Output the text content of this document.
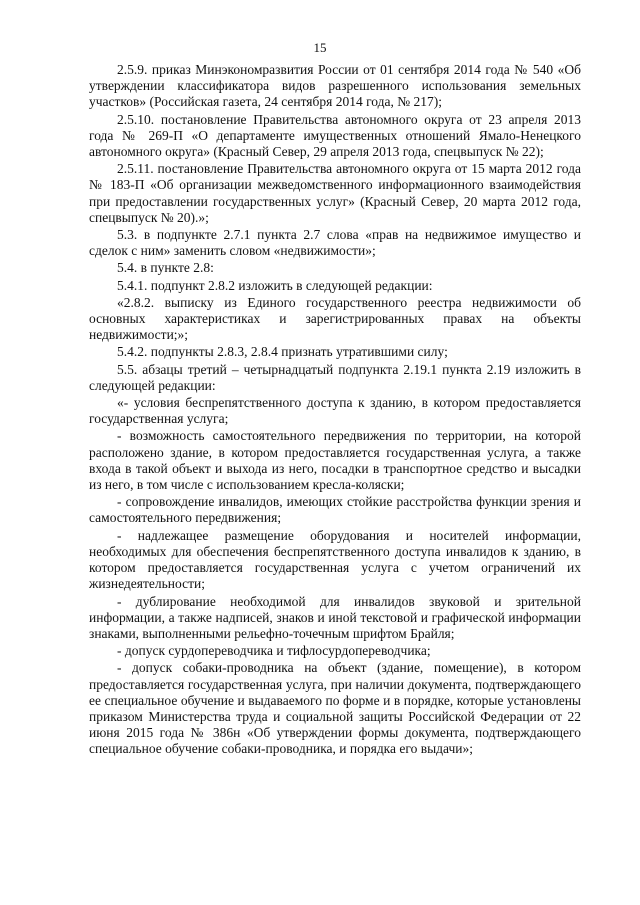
15

2.5.9. приказ Минэкономразвития России от 01 сентября 2014 года № 540 «Об утверждении классификатора видов разрешенного использования земельных участков» (Российская газета, 24 сентября 2014 года, № 217);

2.5.10. постановление Правительства автономного округа от 23 апреля 2013 года № 269-П «О департаменте имущественных отношений Ямало-Ненецкого автономного округа» (Красный Север, 29 апреля 2013 года, спецвыпуск № 22);

2.5.11. постановление Правительства автономного округа от 15 марта 2012 года № 183-П «Об организации межведомственного информационного взаимодействия при предоставлении государственных услуг» (Красный Север, 20 марта 2012 года, спецвыпуск № 20).»;

5.3. в подпункте 2.7.1 пункта 2.7 слова «прав на недвижимое имущество и сделок с ним» заменить словом «недвижимости»;

5.4. в пункте 2.8:

5.4.1. подпункт 2.8.2 изложить в следующей редакции:

«2.8.2. выписку из Единого государственного реестра недвижимости об основных характеристиках и зарегистрированных правах на объекты недвижимости;»;

5.4.2. подпункты 2.8.3, 2.8.4 признать утратившими силу;

5.5. абзацы третий – четырнадцатый подпункта 2.19.1 пункта 2.19 изложить в следующей редакции:

«- условия беспрепятственного доступа к зданию, в котором предоставляется государственная услуга;

- возможность самостоятельного передвижения по территории, на которой расположено здание, в котором предоставляется государственная услуга, а также входа в такой объект и выхода из него, посадки в транспортное средство и высадки из него, в том числе с использованием кресла-коляски;

- сопровождение инвалидов, имеющих стойкие расстройства функции зрения и самостоятельного передвижения;

- надлежащее размещение оборудования и носителей информации, необходимых для обеспечения беспрепятственного доступа инвалидов к зданию, в котором предоставляется государственная услуга с учетом ограничений их жизнедеятельности;

- дублирование необходимой для инвалидов звуковой и зрительной информации, а также надписей, знаков и иной текстовой и графической информации знаками, выполненными рельефно-точечным шрифтом Брайля;

- допуск сурдопереводчика и тифлосурдопереводчика;

- допуск собаки-проводника на объект (здание, помещение), в котором предоставляется государственная услуга, при наличии документа, подтверждающего ее специальное обучение и выдаваемого по форме и в порядке, которые установлены приказом Министерства труда и социальной защиты Российской Федерации от 22 июня 2015 года № 386н «Об утверждении формы документа, подтверждающего специальное обучение собаки-проводника, и порядка его выдачи»;
